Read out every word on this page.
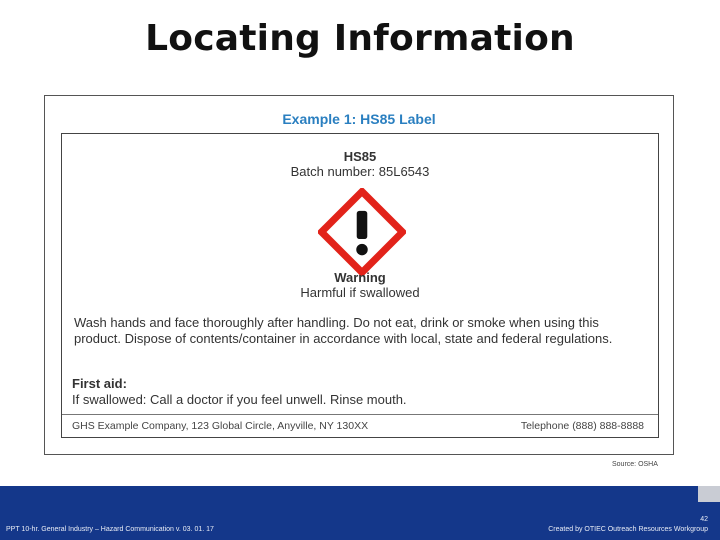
Locating Information
Example 1: HS85 Label
HS85
Batch number: 85L6543
Warning
Harmful if swallowed
Wash hands and face thoroughly after handling. Do not eat, drink or smoke when using this product. Dispose of contents/container in accordance with local, state and federal regulations.
First aid:
If swallowed: Call a doctor if you feel unwell. Rinse mouth.
GHS Example Company, 123 Global Circle, Anyville, NY 130XX	Telephone (888) 888-8888
Source: OSHA
PPT 10-hr. General Industry – Hazard Communication v. 03. 01. 17
42
Created by OTIEC Outreach Resources Workgroup
